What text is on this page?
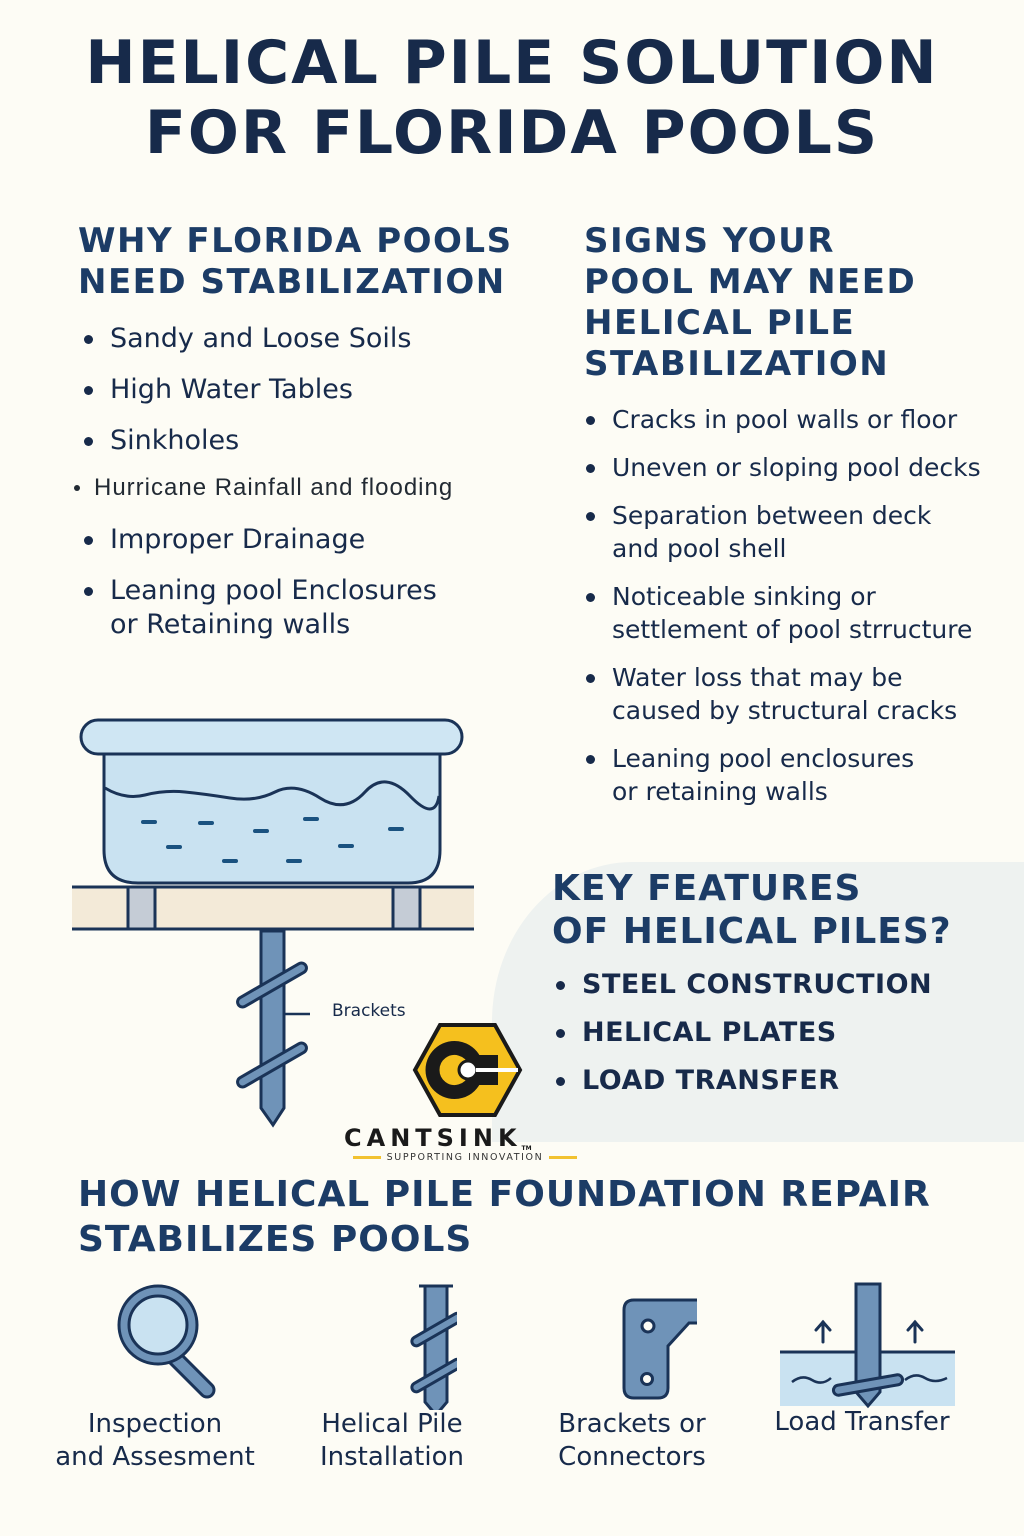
HELICAL PILE SOLUTION
FOR FLORIDA POOLS
WHY FLORIDA POOLS
NEED STABILIZATION
Sandy and Loose Soils
High Water Tables
Sinkholes
Hurricane Rainfall and flooding
Improper Drainage
Leaning pool Enclosures
or Retaining walls
SIGNS YOUR
POOL MAY NEED
HELICAL PILE
STABILIZATION
Cracks in pool walls or floor
Uneven or sloping pool decks
Separation between deck
and pool shell
Noticeable sinking or
settlement of pool strructure
Water loss that may be
caused by structural cracks
Leaning pool enclosures
or retaining walls
KEY FEATURES
OF HELICAL PILES?
STEEL CONSTRUCTION
HELICAL PLATES
LOAD TRANSFER
Brackets
CANTSINKTM
SUPPORTING INNOVATION
HOW HELICAL PILE FOUNDATION REPAIR
STABILIZES POOLS
Inspection
and Assesment
Helical Pile
Installation
Brackets or
Connectors
Load Transfer
